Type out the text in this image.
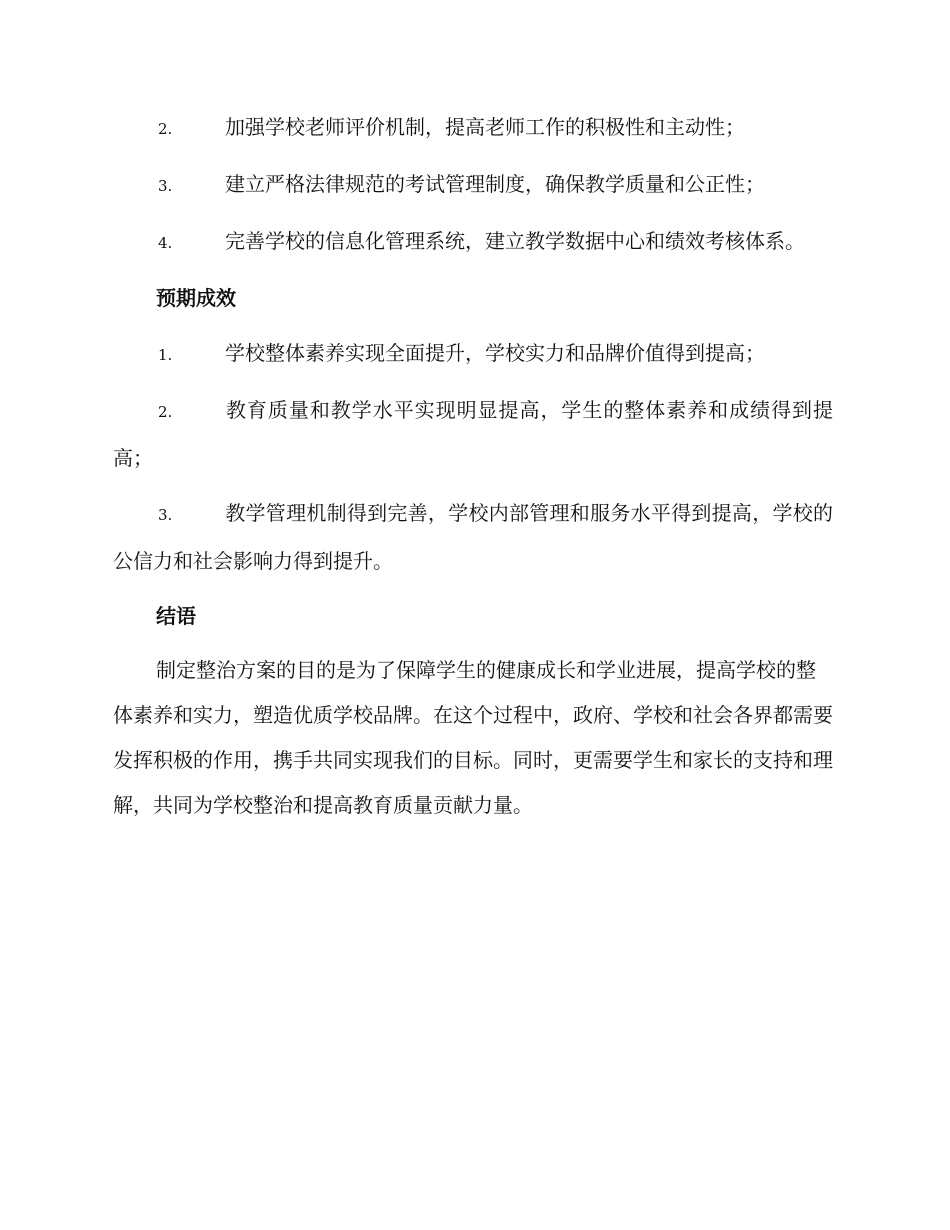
2.	加强学校老师评价机制，提高老师工作的积极性和主动性；
3.	建立严格法律规范的考试管理制度，确保教学质量和公正性；
4.	完善学校的信息化管理系统，建立教学数据中心和绩效考核体系。
预期成效
1.	学校整体素养实现全面提升，学校实力和品牌价值得到提高；
2.	教育质量和教学水平实现明显提高，学生的整体素养和成绩得到提高；
3.	教学管理机制得到完善，学校内部管理和服务水平得到提高，学校的公信力和社会影响力得到提升。
结语

制定整治方案的目的是为了保障学生的健康成长和学业进展，提高学校的整体素养和实力，塑造优质学校品牌。在这个过程中，政府、学校和社会各界都需要发挥积极的作用，携手共同实现我们的目标。同时，更需要学生和家长的支持和理解，共同为学校整治和提高教育质量贡献力量。
